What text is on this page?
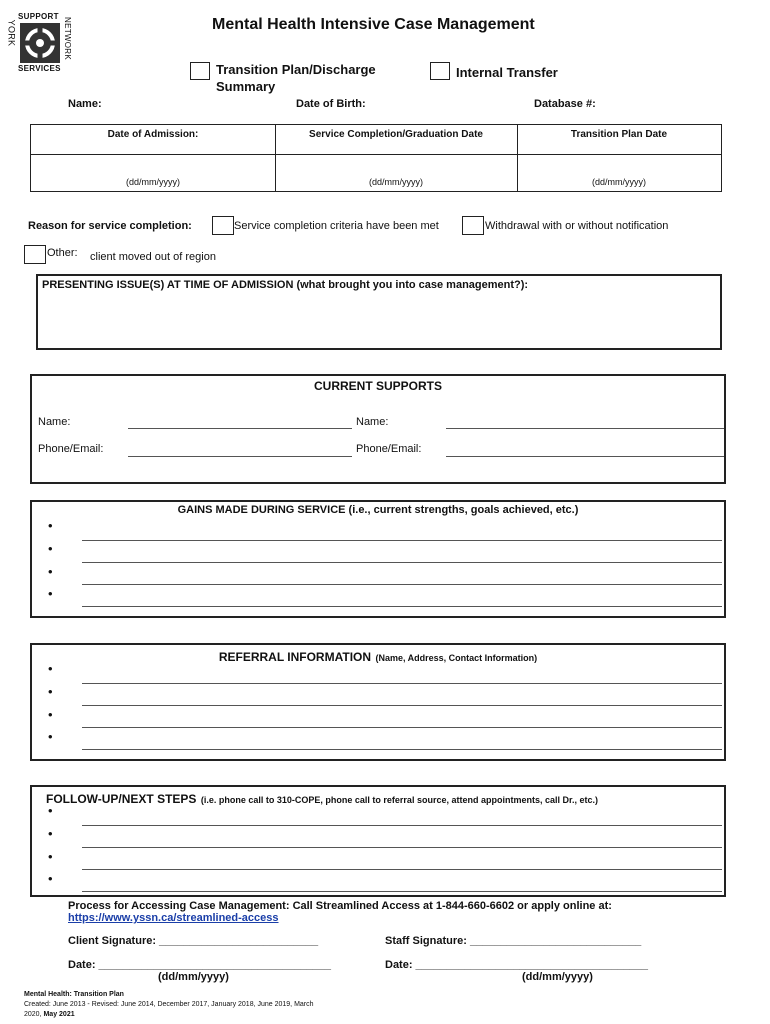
YORK
SUPPORT
SERVICES
NETWORK	Mental Health Intensive Case Management
Transition Plan/Discharge
Summary
Internal Transfer
Name:	Date of Birth:	Database #:
Date of Admission:	Service Completion/Graduation Date	Transition Plan Date
(dd/mm/yyyy)	(dd/mm/yyyy)	(dd/mm/yyyy)
Reason for service completion:	Service completion criteria have been met	Withdrawal with or without notification
Other: client moved out of region
PRESENTING ISSUE(S) AT TIME OF ADMISSION (what brought you into case management?):
CURRENT SUPPORTS
Name:	Name:
Phone/Email:	Phone/Email:
GAINS MADE DURING SERVICE (i.e., current strengths, goals achieved, etc.)
•
•
•
•
REFERRAL INFORMATION (Name, Address, Contact Information)
•
•
•
•
FOLLOW-UP/NEXT STEPS (i.e. phone call to 310-COPE, phone call to referral source, attend appointments, call Dr., etc.)
•
•
•
•
Process for Accessing Case Management: Call Streamlined Access at 1-844-660-6602 or apply online at:
https://www.yssn.ca/streamlined-access
Client Signature: __________________________	Staff Signature: ____________________________
Date: ______________________________________	Date: ______________________________________
(dd/mm/yyyy)	(dd/mm/yyyy)
Mental Health: Transition Plan
Created: June 2013 - Revised: June 2014, December 2017, January 2018, June 2019, March
2020, May 2021
